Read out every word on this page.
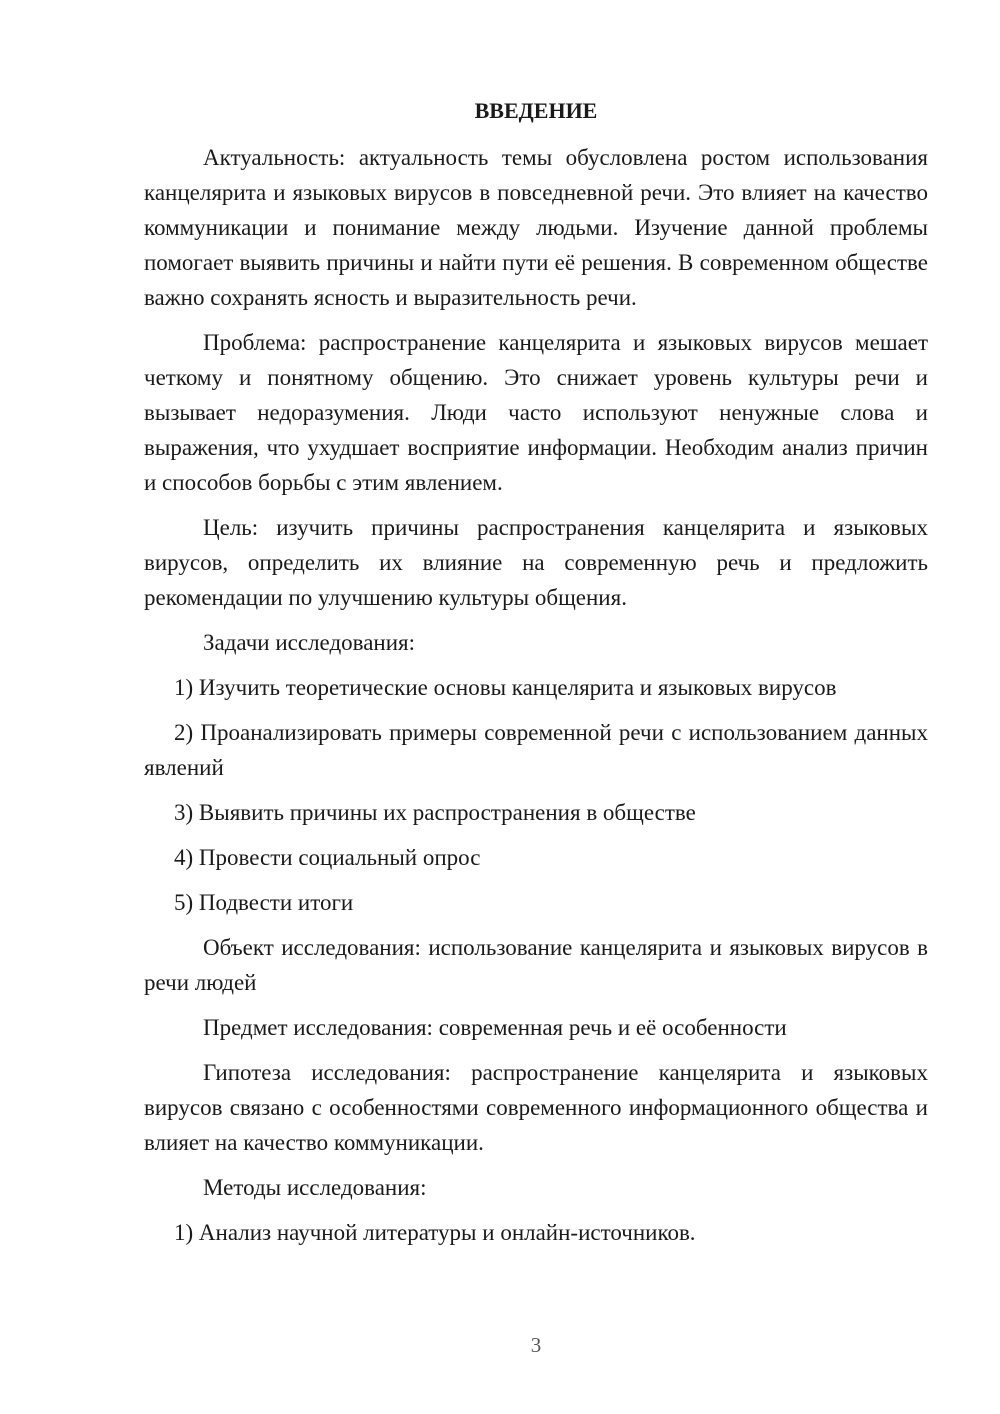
ВВЕДЕНИЕ

Актуальность: актуальность темы обусловлена ростом использования канцелярита и языковых вирусов в повседневной речи. Это влияет на качество коммуникации и понимание между людьми. Изучение данной проблемы помогает выявить причины и найти пути её решения. В современном обществе важно сохранять ясность и выразительность речи.

Проблема: распространение канцелярита и языковых вирусов мешает четкому и понятному общению. Это снижает уровень культуры речи и вызывает недоразумения. Люди часто используют ненужные слова и выражения, что ухудшает восприятие информации. Необходим анализ причин и способов борьбы с этим явлением.

Цель: изучить причины распространения канцелярита и языковых вирусов, определить их влияние на современную речь и предложить рекомендации по улучшению культуры общения.

Задачи исследования:

1) Изучить теоретические основы канцелярита и языковых вирусов

2) Проанализировать примеры современной речи с использованием данных явлений

3) Выявить причины их распространения в обществе

4) Провести социальный опрос

5) Подвести итоги

Объект исследования: использование канцелярита и языковых вирусов в речи людей

Предмет исследования: современная речь и её особенности

Гипотеза исследования: распространение канцелярита и языковых вирусов связано с особенностями современного информационного общества и влияет на качество коммуникации.

Методы исследования:

1) Анализ научной литературы и онлайн-источников.

3
